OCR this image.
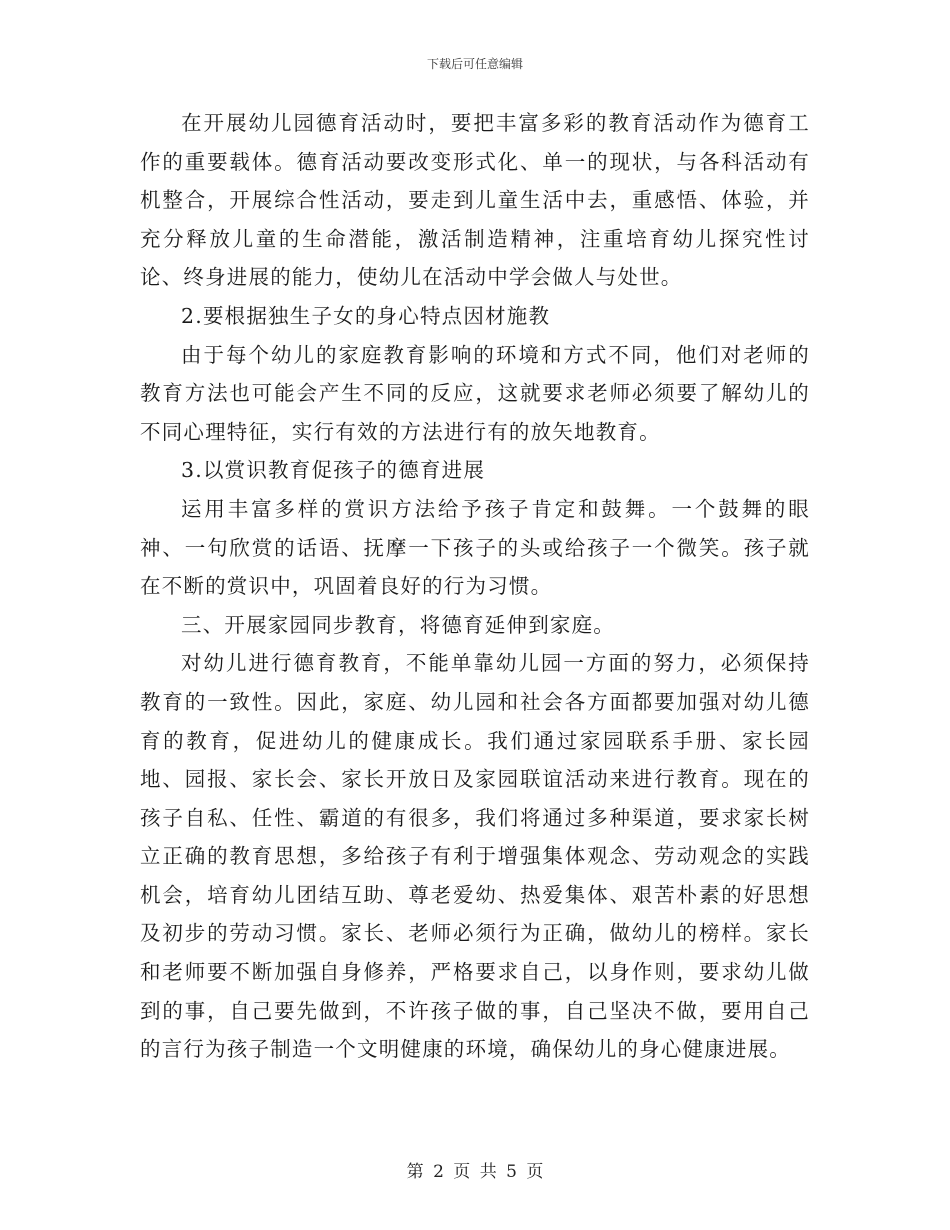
下载后可任意编辑

在开展幼儿园德育活动时，要把丰富多彩的教育活动作为德育工作的重要载体。德育活动要改变形式化、单一的现状，与各科活动有机整合，开展综合性活动，要走到儿童生活中去，重感悟、体验，并充分释放儿童的生命潜能，激活制造精神，注重培育幼儿探究性讨论、终身进展的能力，使幼儿在活动中学会做人与处世。

2.要根据独生子女的身心特点因材施教

由于每个幼儿的家庭教育影响的环境和方式不同，他们对老师的教育方法也可能会产生不同的反应，这就要求老师必须要了解幼儿的不同心理特征，实行有效的方法进行有的放矢地教育。

3.以赏识教育促孩子的德育进展

运用丰富多样的赏识方法给予孩子肯定和鼓舞。一个鼓舞的眼神、一句欣赏的话语、抚摩一下孩子的头或给孩子一个微笑。孩子就在不断的赏识中，巩固着良好的行为习惯。

三、开展家园同步教育，将德育延伸到家庭。

对幼儿进行德育教育，不能单靠幼儿园一方面的努力，必须保持教育的一致性。因此，家庭、幼儿园和社会各方面都要加强对幼儿德育的教育，促进幼儿的健康成长。我们通过家园联系手册、家长园地、园报、家长会、家长开放日及家园联谊活动来进行教育。现在的孩子自私、任性、霸道的有很多，我们将通过多种渠道，要求家长树立正确的教育思想，多给孩子有利于增强集体观念、劳动观念的实践机会，培育幼儿团结互助、尊老爱幼、热爱集体、艰苦朴素的好思想及初步的劳动习惯。家长、老师必须行为正确，做幼儿的榜样。家长和老师要不断加强自身修养，严格要求自己，以身作则，要求幼儿做到的事，自己要先做到，不许孩子做的事，自己坚决不做，要用自己的言行为孩子制造一个文明健康的环境，确保幼儿的身心健康进展。

第 2 页 共 5 页
